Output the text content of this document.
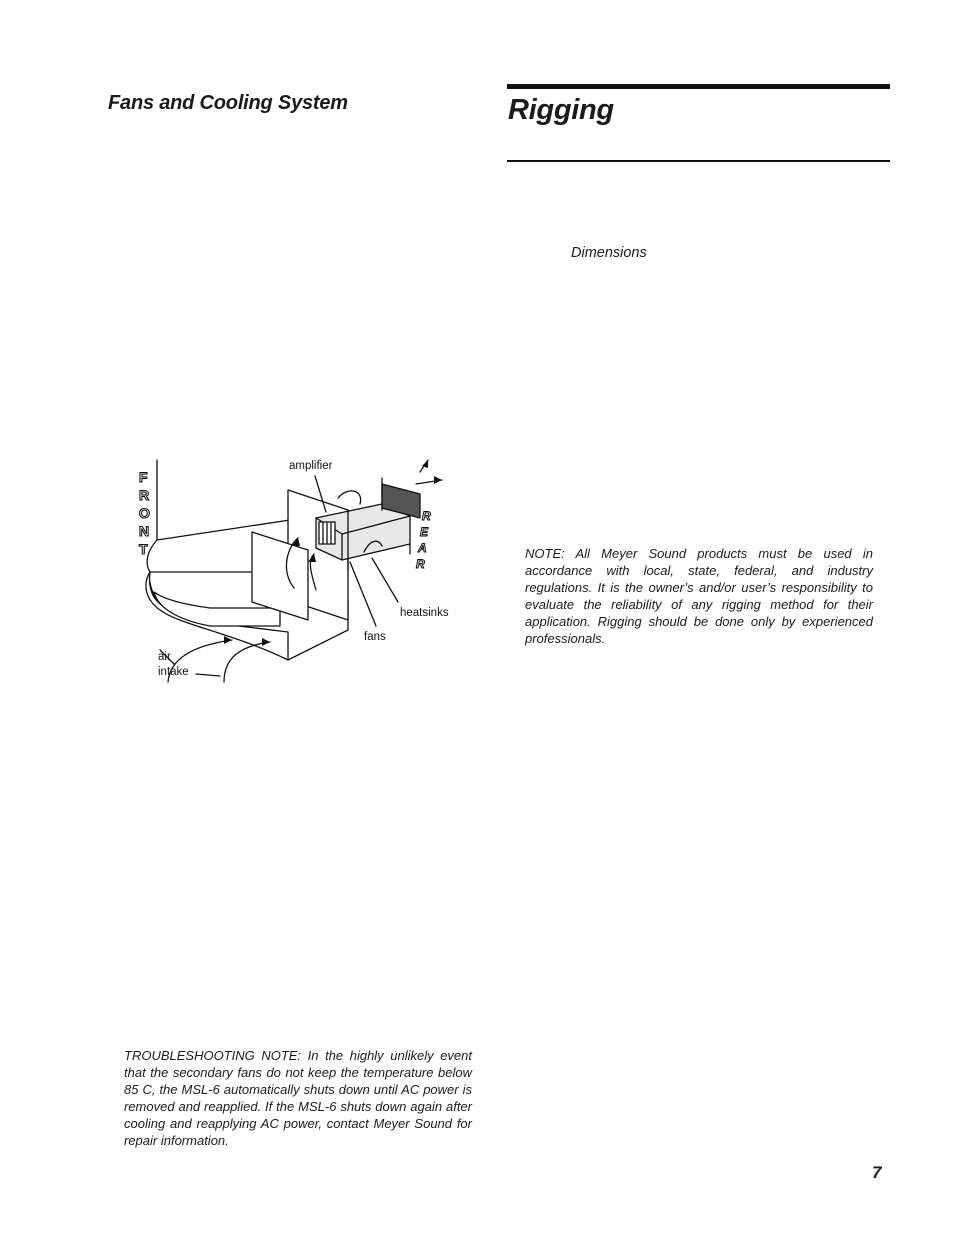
Fans and Cooling System	Rigging
Dimensions
amplifier
heatsinks
fans
air
intake
F
R
O
N
T
R
E
A
R

NOTE: All Meyer Sound products must be used in accordance with local, state, federal, and industry regulations. It is the owner’s and/or user’s responsibility to evaluate the reliability of any rigging method for their application. Rigging should be done only by experienced professionals.

TROUBLESHOOTING NOTE: In the highly unlikely event that the secondary fans do not keep the temperature below 85 C, the MSL-6 automatically shuts down until AC power is removed and reapplied. If the MSL-6 shuts down again after cooling and reapplying AC power, contact Meyer Sound for repair information.

7
